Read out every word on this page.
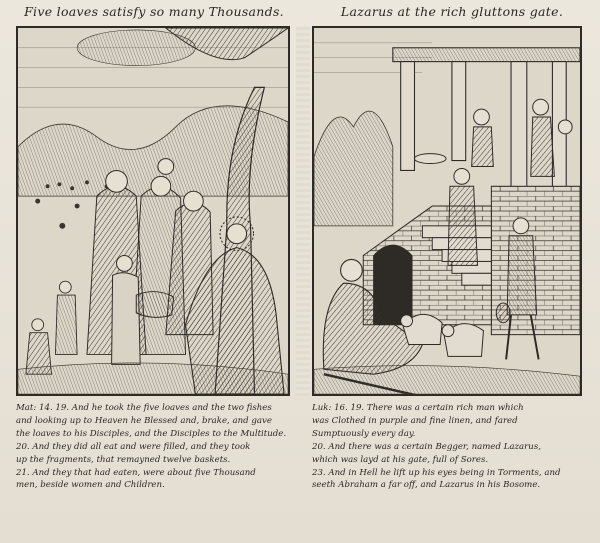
Five loaves satisfy so many Thousands.	Lazarus at the rich gluttons gate.
Mat: 14. 19. And he took the five loaves and the two fishes
and looking up to Heaven he Blessed and, brake, and gave
the loaves to his Disciples, and the Disciples to the Multitude.
20. And they did all eat and were filled, and they took
up the fragments, that remayned twelve baskets.
21. And they that had eaten, were about five Thousand
men, beside women and Children.
Luk: 16. 19. There was a certain rich man which
was Clothed in purple and fine linen, and fared
Sumptuously every day.
20. And there was a certain Begger, named Lazarus,
which was layd at his gate, full of Sores.
23. And in Hell he lift up his eyes being in Torments, and
seeth Abraham a far off, and Lazarus in his Bosome.
